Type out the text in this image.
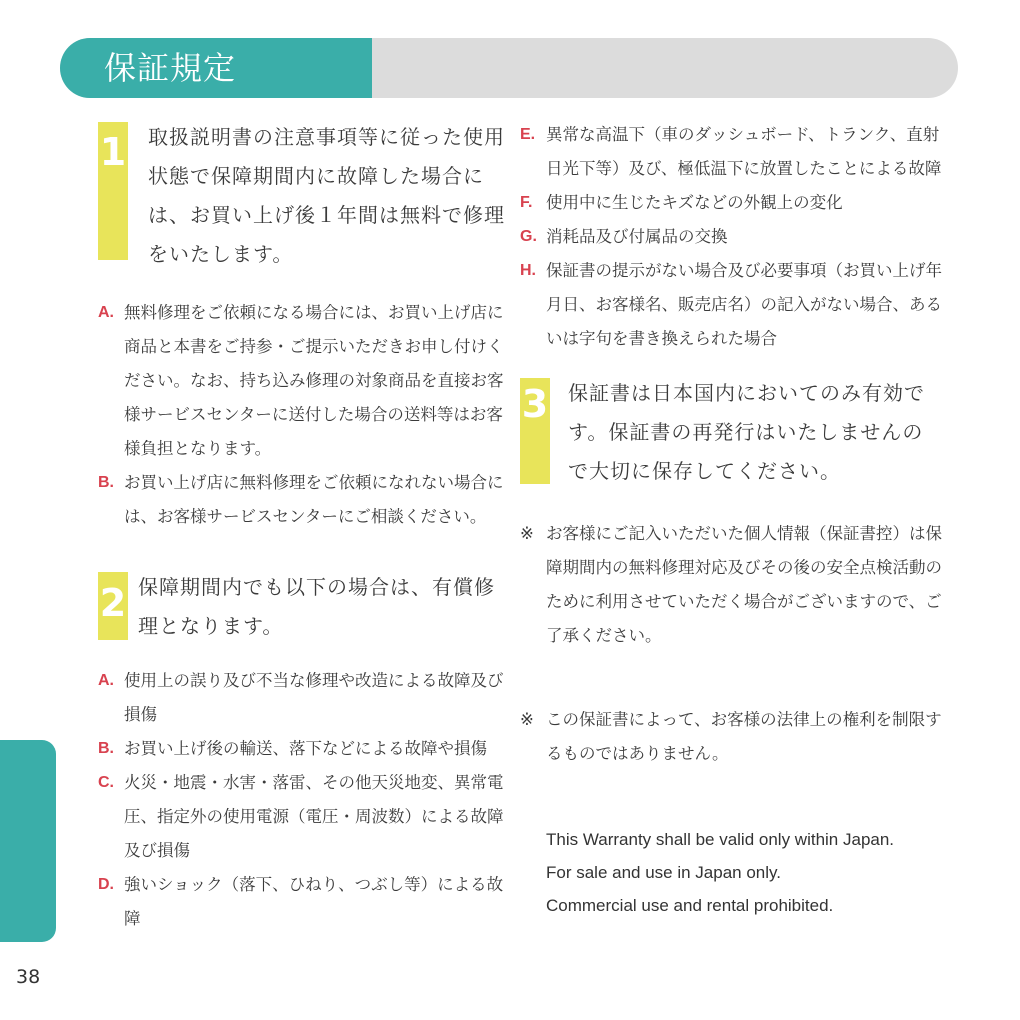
保証規定
38
1 取扱説明書の注意事項等に従った使用状態で保障期間内に故障した場合には、お買い上げ後１年間は無料で修理をいたします。
A. 無料修理をご依頼になる場合には、お買い上げ店に商品と本書をご持参・ご提示いただきお申し付けください。なお、持ち込み修理の対象商品を直接お客様サービスセンターに送付した場合の送料等はお客様負担となります。
B. お買い上げ店に無料修理をご依頼になれない場合には、お客様サービスセンターにご相談ください。
2 保障期間内でも以下の場合は、有償修理となります。
A. 使用上の誤り及び不当な修理や改造による故障及び損傷
B. お買い上げ後の輸送、落下などによる故障や損傷
C. 火災・地震・水害・落雷、その他天災地変、異常電圧、指定外の使用電源（電圧・周波数）による故障及び損傷
D. 強いショック（落下、ひねり、つぶし等）による故障
E. 異常な高温下（車のダッシュボード、トランク、直射日光下等）及び、極低温下に放置したことによる故障
F. 使用中に生じたキズなどの外観上の変化
G. 消耗品及び付属品の交換
H. 保証書の提示がない場合及び必要事項（お買い上げ年月日、お客様名、販売店名）の記入がない場合、あるいは字句を書き換えられた場合
3 保証書は日本国内においてのみ有効です。保証書の再発行はいたしませんので大切に保存してください。
※ お客様にご記入いただいた個人情報（保証書控）は保障期間内の無料修理対応及びその後の安全点検活動のために利用させていただく場合がございますので、ご了承ください。
※ この保証書によって、お客様の法律上の権利を制限するものではありません。
This Warranty shall be valid only within Japan.
For sale and use in Japan only.
Commercial use and rental prohibited.
